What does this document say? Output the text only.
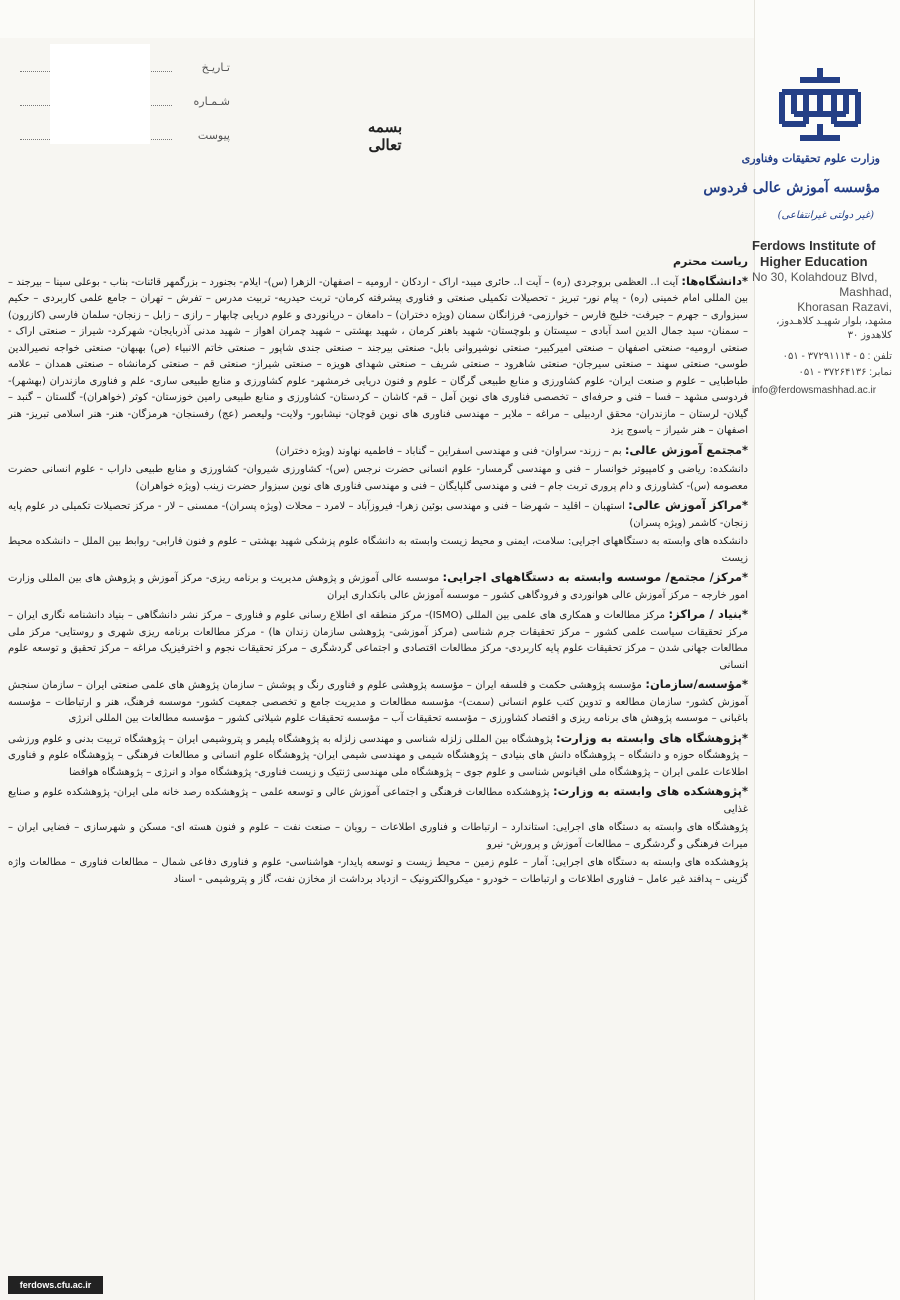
تـاريـخ
شـمـاره
پيوست	بسمه تعالی
وزارت علوم تحقیقات وفناوری
مؤسسه آموزش عالی فردوس
(غیر دولتی غیرانتفاعی)

Ferdows Institute of

Higher Education

No 30, Kolahdouz Blvd,

Mashhad,

Khorasan Razavi,

مشهد، بلوار شهيـد کلاهـدوز،
کلاهدوز ۳۰
تلفن : ۵ - ۳۷۲۹۱۱۱۴ - ۰۵۱
نمابر: ۳۷۲۶۴۱۳۶ - ۰۵۱
info@ferdowsmashhad.ac.ir

رياست محترم

*دانشگاه‌ها: آیت ا.. العظمی بروجردی (ره) – آیت ا.. حائری میبد- اراک - اردکان - ارومیه – اصفهان- الزهرا (س)- ایلام- بجنورد – بزرگمهر قائنات- بناب - بوعلی سینا – بیرجند – بین المللی امام خمینی (ره) - پیام نور- تبریز - تحصیلات تکمیلی صنعتی و فناوری پیشرفته کرمان- تربت حیدریه- تربیت مدرس – تفرش – تهران – جامع علمی کاربردی – حکیم سبزواری – جهرم – جیرفت- خلیج فارس – خوارزمی- فرزانگان سمنان (ویژه دختران) – دامغان – دریانوردی و علوم دریایی چابهار – رازی – زابل – زنجان- سلمان فارسی (کازرون) – سمنان- سید جمال الدین اسد آبادی – سیستان و بلوچستان- شهید باهنر کرمان ، شهید بهشتی – شهید چمران اهواز – شهید مدنی آذربایجان- شهرکرد- شیراز – صنعتی اراک - صنعتی ارومیه- صنعتی اصفهان – صنعتی امیرکبیر- صنعتی نوشیروانی بابل- صنعتی بیرجند – صنعتی جندی شاپور – صنعتی خاتم الانبیاء (ص) بهبهان- صنعتی خواجه نصیرالدین طوسی- صنعتی سهند – صنعتی سیرجان- صنعتی شاهرود – صنعتی شریف – صنعتی شهدای هویزه – صنعتی شیراز- صنعتی قم – صنعتی کرمانشاه – صنعتی همدان – علامه طباطبایی – علوم و صنعت ایران- علوم کشاورزی و منابع طبیعی گرگان – علوم و فنون دریایی خرمشهر- علوم کشاورزی و منابع طبیعی ساری- علم و فناوری مازندران (بهشهر)- فردوسی مشهد – فسا – فنی و حرفه‌ای – تخصصی فناوری های نوین آمل – قم- کاشان – کردستان- کشاورزی و منابع طبیعی رامین خوزستان- کوثر (خواهران)- گلستان – گنبد – گیلان- لرستان – مازندران- محقق اردبیلی – مراغه – ملایر – مهندسی فناوری های نوین قوچان- نیشابور- ولایت- ولیعصر (عج) رفسنجان- هرمزگان- هنر- هنر اسلامی تبریز- هنر اصفهان – هنر شیراز – یاسوج یزد

*مجتمع آموزش عالی: بم – زرند- سراوان- فنی و مهندسی اسفراین – گناباد – فاطمیه نهاوند (ویژه دختران)

دانشکده: ریاضی و کامپیوتر خوانسار – فنی و مهندسی گرمسار- علوم انسانی حضرت نرجس (س)- کشاورزی شیروان- کشاورزی و منابع طبیعی داراب - علوم انسانی حضرت معصومه (س)- کشاورزی و دام پروری تربت جام – فنی و مهندسی گلپایگان – فنی و مهندسی فناوری های نوین سبزوار حضرت زینب (ویژه خواهران)

*مراکز آموزش عالی: استهبان – اقلید – شهرضا – فنی و مهندسی بوئین زهرا- فیروزآباد – لامرد – محلات (ویژه پسران)- ممسنی – لار - مرکز تحصیلات تکمیلی در علوم پایه زنجان- کاشمر (ویژه پسران)

دانشکده های وابسته به دستگاههای اجرایی: سلامت، ایمنی و محیط زیست وابسته به دانشگاه علوم پزشکی شهید بهشتی – علوم و فنون فارابی- روابط بین الملل – دانشکده محیط زیست

*مرکز/ مجتمع/ موسسه وابسته به دستگاههای اجرایی: موسسه عالی آموزش و پژوهش مدیریت و برنامه ریزی- مرکز آموزش و پژوهش های بین المللی وزارت امور خارجه – مرکز آموزش عالی هوانوردی و فرودگاهی کشور – موسسه آموزش عالی بانکداری ایران

*بنیاد / مراکز: مرکز مطالعات و همکاری های علمی بین المللی (ISMO)- مرکز منطقه ای اطلاع رسانی علوم و فناوری – مرکز نشر دانشگاهی – بنیاد دانشنامه نگاری ایران – مرکز تحقیقات سیاست علمی کشور – مرکز تحقیقات جرم شناسی (مرکز آموزشی- پژوهشی سازمان زندان ها) - مرکز مطالعات برنامه ریزی شهری و روستایی- مرکز ملی مطالعات جهانی شدن – مرکز تحقیقات علوم پایه کاربردی- مرکز مطالعات اقتصادی و اجتماعی گردشگری – مرکز تحقیقات نجوم و اخترفیزیک مراغه – مرکز تحقیق و توسعه علوم انسانی

*مؤسسه/سازمان: مؤسسه پژوهشی حکمت و فلسفه ایران – مؤسسه پژوهشی علوم و فناوری رنگ و پوشش – سازمان پژوهش های علمی صنعتی ایران – سازمان سنجش آموزش کشور- سازمان مطالعه و تدوین کتب علوم انسانی (سمت)- مؤسسه مطالعات و مدیریت جامع و تخصصی جمعیت کشور- موسسه فرهنگ، هنر و ارتباطات – مؤسسه باغبانی – موسسه پژوهش های برنامه ریزی و اقتصاد کشاورزی – مؤسسه تحقیقات آب – مؤسسه تحقیقات علوم شیلاتی کشور – مؤسسه مطالعات بین المللی انرژی

*پژوهشگاه های وابسته به وزارت: پژوهشگاه بین المللی زلزله شناسی و مهندسی زلزله به پژوهشگاه پلیمر و پتروشیمی ایران – پژوهشگاه تربیت بدنی و علوم ورزشی – پژوهشگاه حوزه و دانشگاه – پژوهشگاه دانش های بنیادی – پژوهشگاه شیمی و مهندسی شیمی ایران- پژوهشگاه علوم انسانی و مطالعات فرهنگی – پژوهشگاه علوم و فناوری اطلاعات علمی ایران – پژوهشگاه ملی اقیانوس شناسی و علوم جوی – پژوهشگاه ملی مهندسی ژنتیک و زیست فناوری- پژوهشگاه مواد و انرژی – پژوهشگاه هوافضا

*پژوهشکده های وابسته به وزارت: پژوهشکده مطالعات فرهنگی و اجتماعی آموزش عالی و توسعه علمی – پژوهشکده رصد خانه ملی ایران- پژوهشکده علوم و صنایع غذایی

پژوهشگاه های وابسته به دستگاه های اجرایی: استاندارد – ارتباطات و فناوری اطلاعات – رویان – صنعت نفت – علوم و فنون هسته ای- مسکن و شهرسازی – فضایی ایران – میراث فرهنگی و گردشگری – مطالعات آموزش و پرورش- نیرو

پژوهشکده های وابسته به دستگاه های اجرایی: آمار – علوم زمین – محیط زیست و توسعه پایدار- هواشناسی- علوم و فناوری دفاعی شمال – مطالعات فناوری – مطالعات واژه گزینی – پدافند غیر عامل – فناوری اطلاعات و ارتباطات – خودرو - میکروالکترونیک – ازدیاد برداشت از مخازن نفت، گاز و پتروشیمی - اسناد

ferdows.cfu.ac.ir
